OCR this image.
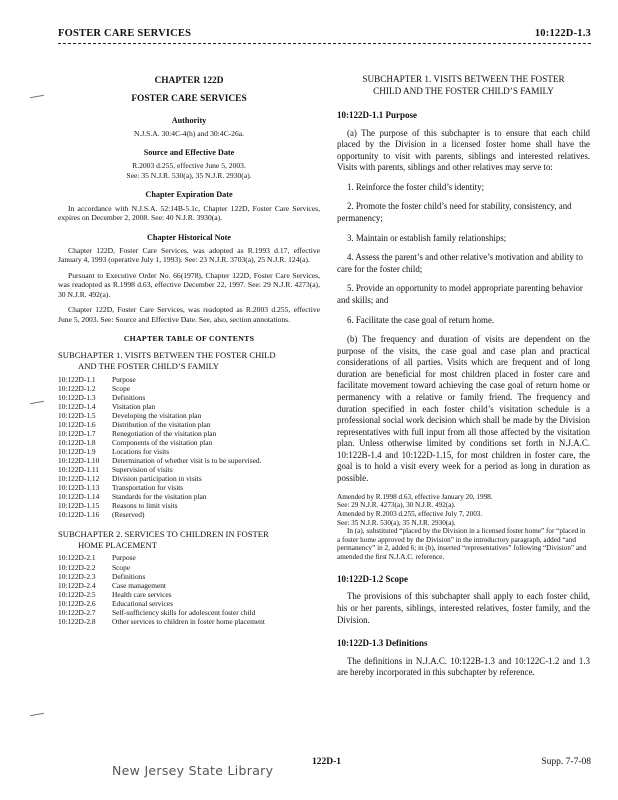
FOSTER CARE SERVICES	10:122D-1.3
CHAPTER 122D
FOSTER CARE SERVICES
Authority
N.J.S.A. 30:4C-4(h) and 30:4C-26a.
Source and Effective Date
R.2003 d.255, effective June 5, 2003.
See: 35 N.J.R. 530(a), 35 N.J.R. 2930(a).
Chapter Expiration Date

In accordance with N.J.S.A. 52:14B-5.1c, Chapter 122D, Foster Care Services, expires on December 2, 2008. See: 40 N.J.R. 3930(a).

Chapter Historical Note

Chapter 122D, Foster Care Services, was adopted as R.1993 d.17, effective January 4, 1993 (operative July 1, 1993). See: 23 N.J.R. 3703(a), 25 N.J.R. 124(a).

Pursuant to Executive Order No. 66(1978), Chapter 122D, Foster Care Services, was readopted as R.1998 d.63, effective December 22, 1997. See: 29 N.J.R. 4273(a), 30 N.J.R. 492(a).

Chapter 122D, Foster Care Services, was readopted as R.2003 d.255, effective June 5, 2003. See: Source and Effective Date. See, also, section annotations.

CHAPTER TABLE OF CONTENTS
SUBCHAPTER 1. VISITS BETWEEN THE FOSTER CHILD
AND THE FOSTER CHILD’S FAMILY
10:122D-1.1	Purpose
10:122D-1.2	Scope
10:122D-1.3	Definitions
10:122D-1.4	Visitation plan
10:122D-1.5	Developing the visitation plan
10:122D-1.6	Distribution of the visitation plan
10:122D-1.7	Renegotiation of the visitation plan
10:122D-1.8	Components of the visitation plan
10:122D-1.9	Locations for visits
10:122D-1.10	Determination of whether visit is to be supervised.
10:122D-1.11	Supervision of visits
10:122D-1.12	Division participation in visits
10:122D-1.13	Transportation for visits
10:122D-1.14	Standards for the visitation plan
10:122D-1.15	Reasons to limit visits
10:122D-1.16	(Reserved)
SUBCHAPTER 2. SERVICES TO CHILDREN IN FOSTER
HOME PLACEMENT
10:122D-2.1	Purpose
10:122D-2.2	Scope
10:122D-2.3	Definitions
10:122D-2.4	Case management
10:122D-2.5	Health care services
10:122D-2.6	Educational services
10:122D-2.7	Self-sufficiency skills for adolescent foster child
10:122D-2.8	Other services to children in foster home placement
SUBCHAPTER 1. VISITS BETWEEN THE FOSTER
CHILD AND THE FOSTER CHILD’S FAMILY
10:122D-1.1 Purpose

(a) The purpose of this subchapter is to ensure that each child placed by the Division in a licensed foster home shall have the opportunity to visit with parents, siblings and interested relatives. Visits with parents, siblings and other relatives may serve to:

1. Reinforce the foster child’s identity;

2. Promote the foster child’s need for stability, consistency, and permanency;

3. Maintain or establish family relationships;

4. Assess the parent’s and other relative’s motivation and ability to care for the foster child;

5. Provide an opportunity to model appropriate parenting behavior and skills; and

6. Facilitate the case goal of return home.

(b) The frequency and duration of visits are dependent on the purpose of the visits, the case goal and case plan and practical considerations of all parties. Visits which are frequent and of long duration are beneficial for most children placed in foster care and facilitate movement toward achieving the case goal of return home or permanency with a relative or family friend. The frequency and duration specified in each foster child’s visitation schedule is a professional social work decision which shall be made by the Division representatives with full input from all those affected by the visitation plan. Unless otherwise limited by conditions set forth in N.J.A.C. 10:122B-1.4 and 10:122D-1.15, for most children in foster care, the goal is to hold a visit every week for a period as long in duration as possible.

Amended by R.1998 d.63, effective January 20, 1998.

See: 29 N.J.R. 4273(a), 30 N.J.R. 492(a).

Amended by R.2003 d.255, effective July 7, 2003.

See: 35 N.J.R. 530(a), 35 N.J.R. 2930(a).

In (a), substituted “placed by the Division in a licensed foster home” for “placed in a foster home approved by the Division” in the introductory paragraph, added “and permanency” in 2, added 6; in (b), inserted “representatives” following “Division” and amended the first N.J.A.C. reference.

10:122D-1.2 Scope

The provisions of this subchapter shall apply to each foster child, his or her parents, siblings, interested relatives, foster family, and the Division.

10:122D-1.3 Definitions

The definitions in N.J.A.C. 10:122B-1.3 and 10:122C-1.2 and 1.3 are hereby incorporated in this subchapter by reference.

122D-1	Supp. 7-7-08
New Jersey State Library
